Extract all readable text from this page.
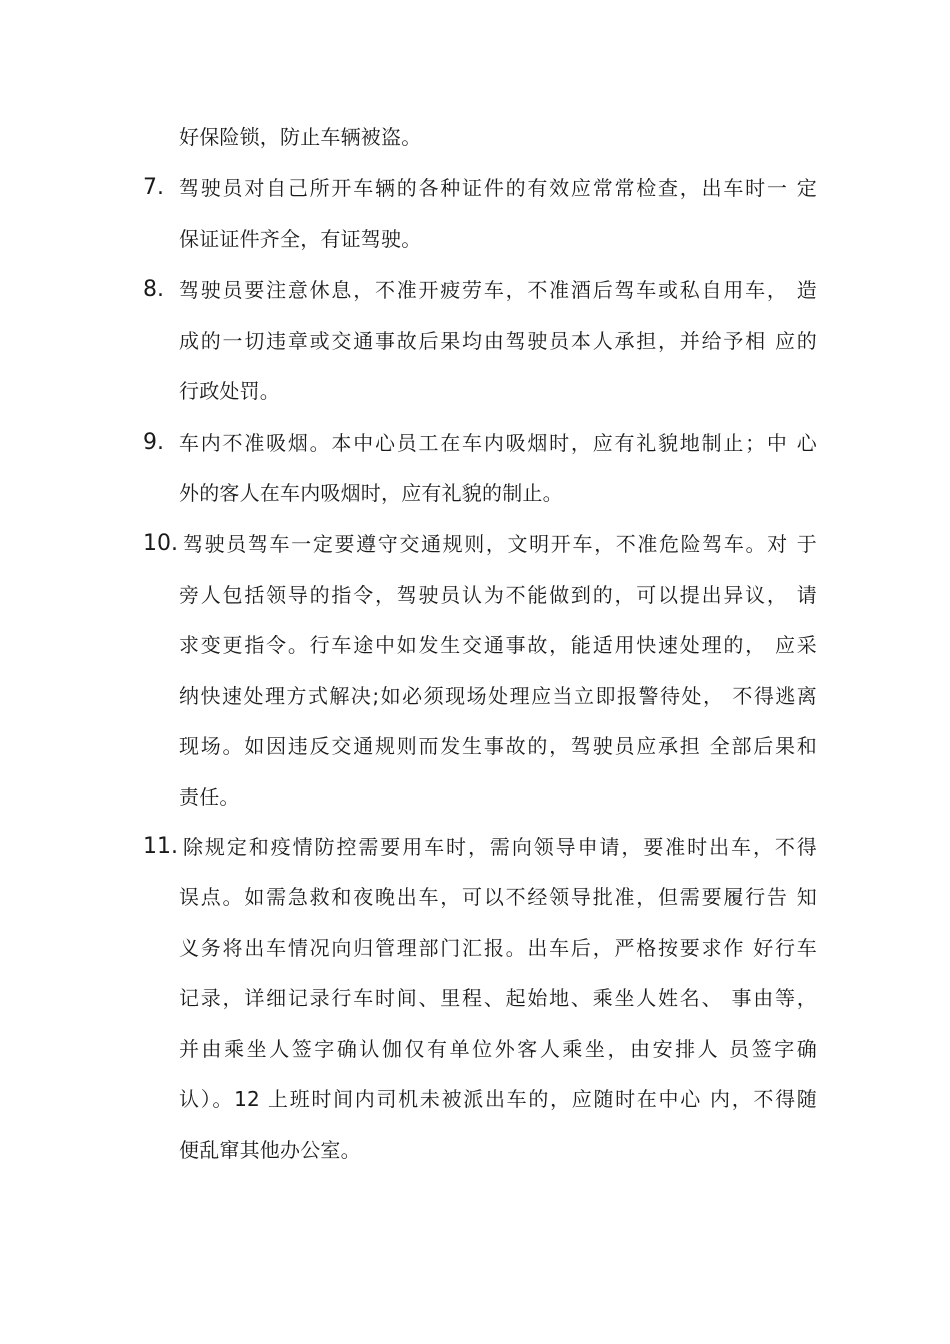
好保险锁，防止车辆被盗。
7. 驾驶员对自己所开车辆的各种证件的有效应常常检查，出车时一 定
保证证件齐全，有证驾驶。
8. 驾驶员要注意休息，不准开疲劳车，不准酒后驾车或私自用车， 造
成的一切违章或交通事故后果均由驾驶员本人承担，并给予相 应的
行政处罚。
9. 车内不准吸烟。本中心员工在车内吸烟时，应有礼貌地制止；中 心
外的客人在车内吸烟时，应有礼貌的制止。
10. 驾驶员驾车一定要遵守交通规则，文明开车，不准危险驾车。对 于
旁人包括领导的指令，驾驶员认为不能做到的，可以提出异议， 请
求变更指令。行车途中如发生交通事故，能适用快速处理的， 应采
纳快速处理方式解决;如必须现场处理应当立即报警待处， 不得逃离
现场。如因违反交通规则而发生事故的，驾驶员应承担 全部后果和
责任。
11. 除规定和疫情防控需要用车时，需向领导申请，要准时出车，不得
误点。如需急救和夜晚出车，可以不经领导批准，但需要履行告 知
义务将出车情况向归管理部门汇报。出车后，严格按要求作 好行车
记录，详细记录行车时间、里程、起始地、乘坐人姓名、 事由等，
并由乘坐人签字确认伽仅有单位外客人乘坐，由安排人 员签字确
认）。12 上班时间内司机未被派出车的，应随时在中心 内，不得随
便乱窜其他办公室。
